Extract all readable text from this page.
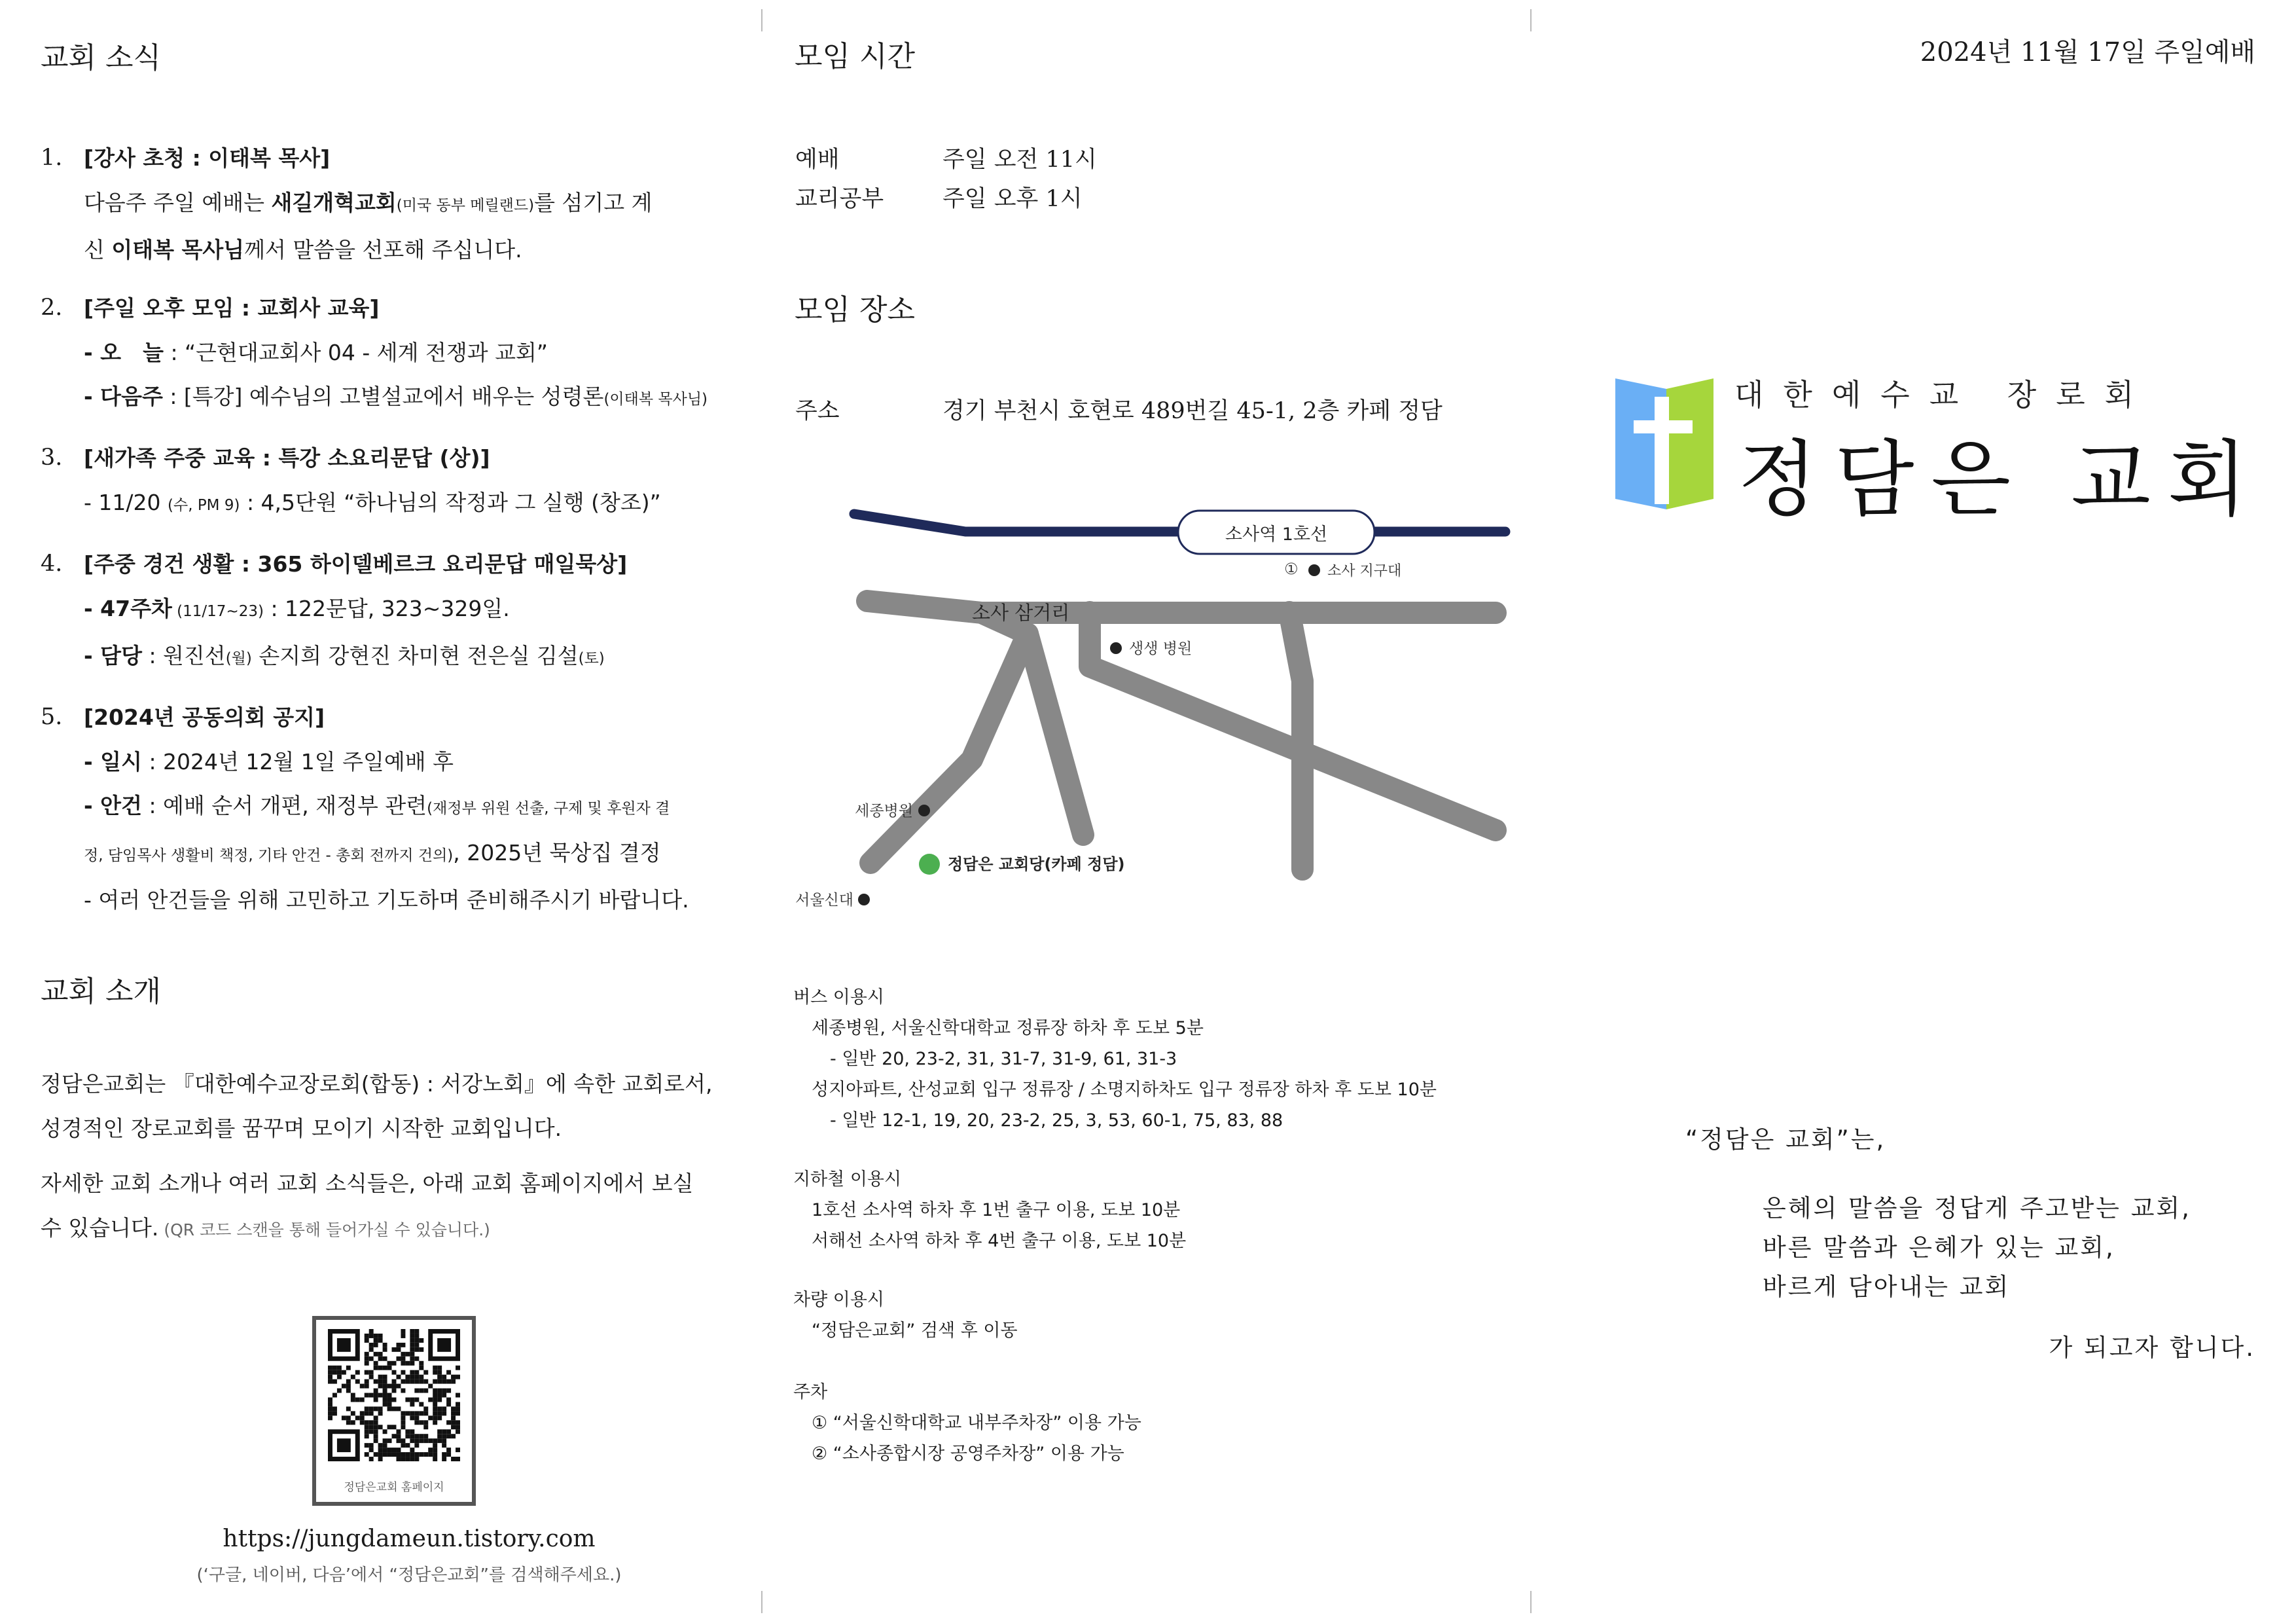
교회 소식
1. [강사 초청 : 이태복 목사]
다음주 주일 예배는 새길개혁교회(미국 동부 메릴랜드)를 섬기고 계
신 이태복 목사님께서 말씀을 선포해 주십니다.
2. [주일 오후 모임 : 교회사 교육]
- 오　늘 : “근현대교회사 04 - 세계 전쟁과 교회”
- 다음주 : [특강] 예수님의 고별설교에서 배우는 성령론(이태복 목사님)
3. [새가족 주중 교육 : 특강 소요리문답 (상)]
- 11/20 (수, PM 9) : 4,5단원 “하나님의 작정과 그 실행 (창조)”
4. [주중 경건 생활 : 365 하이델베르크 요리문답 매일묵상]
- 47주차 (11/17~23) : 122문답, 323~329일.
- 담당 : 원진선(월) 손지희 강현진 차미현 전은실 김설(토)
5. [2024년 공동의회 공지]
- 일시 : 2024년 12월 1일 주일예배 후
- 안건 : 예배 순서 개편, 재정부 관련(재정부 위원 선출, 구제 및 후원자 결
정, 담임목사 생활비 책정, 기타 안건 - 총회 전까지 건의), 2025년 묵상집 결정
- 여러 안건들을 위해 고민하고 기도하며 준비해주시기 바랍니다.
교회 소개

정담은교회는 『대한예수교장로회(합동) : 서강노회』에 속한 교회로서,
성경적인 장로교회를 꿈꾸며 모이기 시작한 교회입니다.

자세한 교회 소개나 여러 교회 소식들은, 아래 교회 홈페이지에서 보실
수 있습니다. (QR 코드 스캔을 통해 들어가실 수 있습니다.)

정담은교회 홈페이지
https://jungdameun.tistory.com
(‘구글, 네이버, 다음’에서 “정담은교회”를 검색해주세요.)
모임 시간
예배	주일 오전 11시
교리공부	주일 오후 1시
모임 장소
주소	경기 부천시 호현로 489번길 45-1, 2층 카페 정담
소사역 1호선
① 소사 지구대
소사 삼거리
생생 병원
세종병원
정담은 교회당(카페 정담)
서울신대
버스 이용시
세종병원, 서울신학대학교 정류장 하차 후 도보 5분
- 일반 20, 23-2, 31, 31-7, 31-9, 61, 31-3
성지아파트, 산성교회 입구 정류장 / 소명지하차도 입구 정류장 하차 후 도보 10분
- 일반 12-1, 19, 20, 23-2, 25, 3, 53, 60-1, 75, 83, 88
지하철 이용시
1호선 소사역 하차 후 1번 출구 이용, 도보 10분
서해선 소사역 하차 후 4번 출구 이용, 도보 10분
차량 이용시
“정담은교회” 검색 후 이동
주차
① “서울신학대학교 내부주차장” 이용 가능
② “소사종합시장 공영주차장” 이용 가능
2024년 11월 17일 주일예배
대한예수교 장로회
정담은 교회
“정담은 교회”는,
은혜의 말씀을 정답게 주고받는 교회,
바른 말씀과 은혜가 있는 교회,
바르게 담아내는 교회
가 되고자 합니다.
